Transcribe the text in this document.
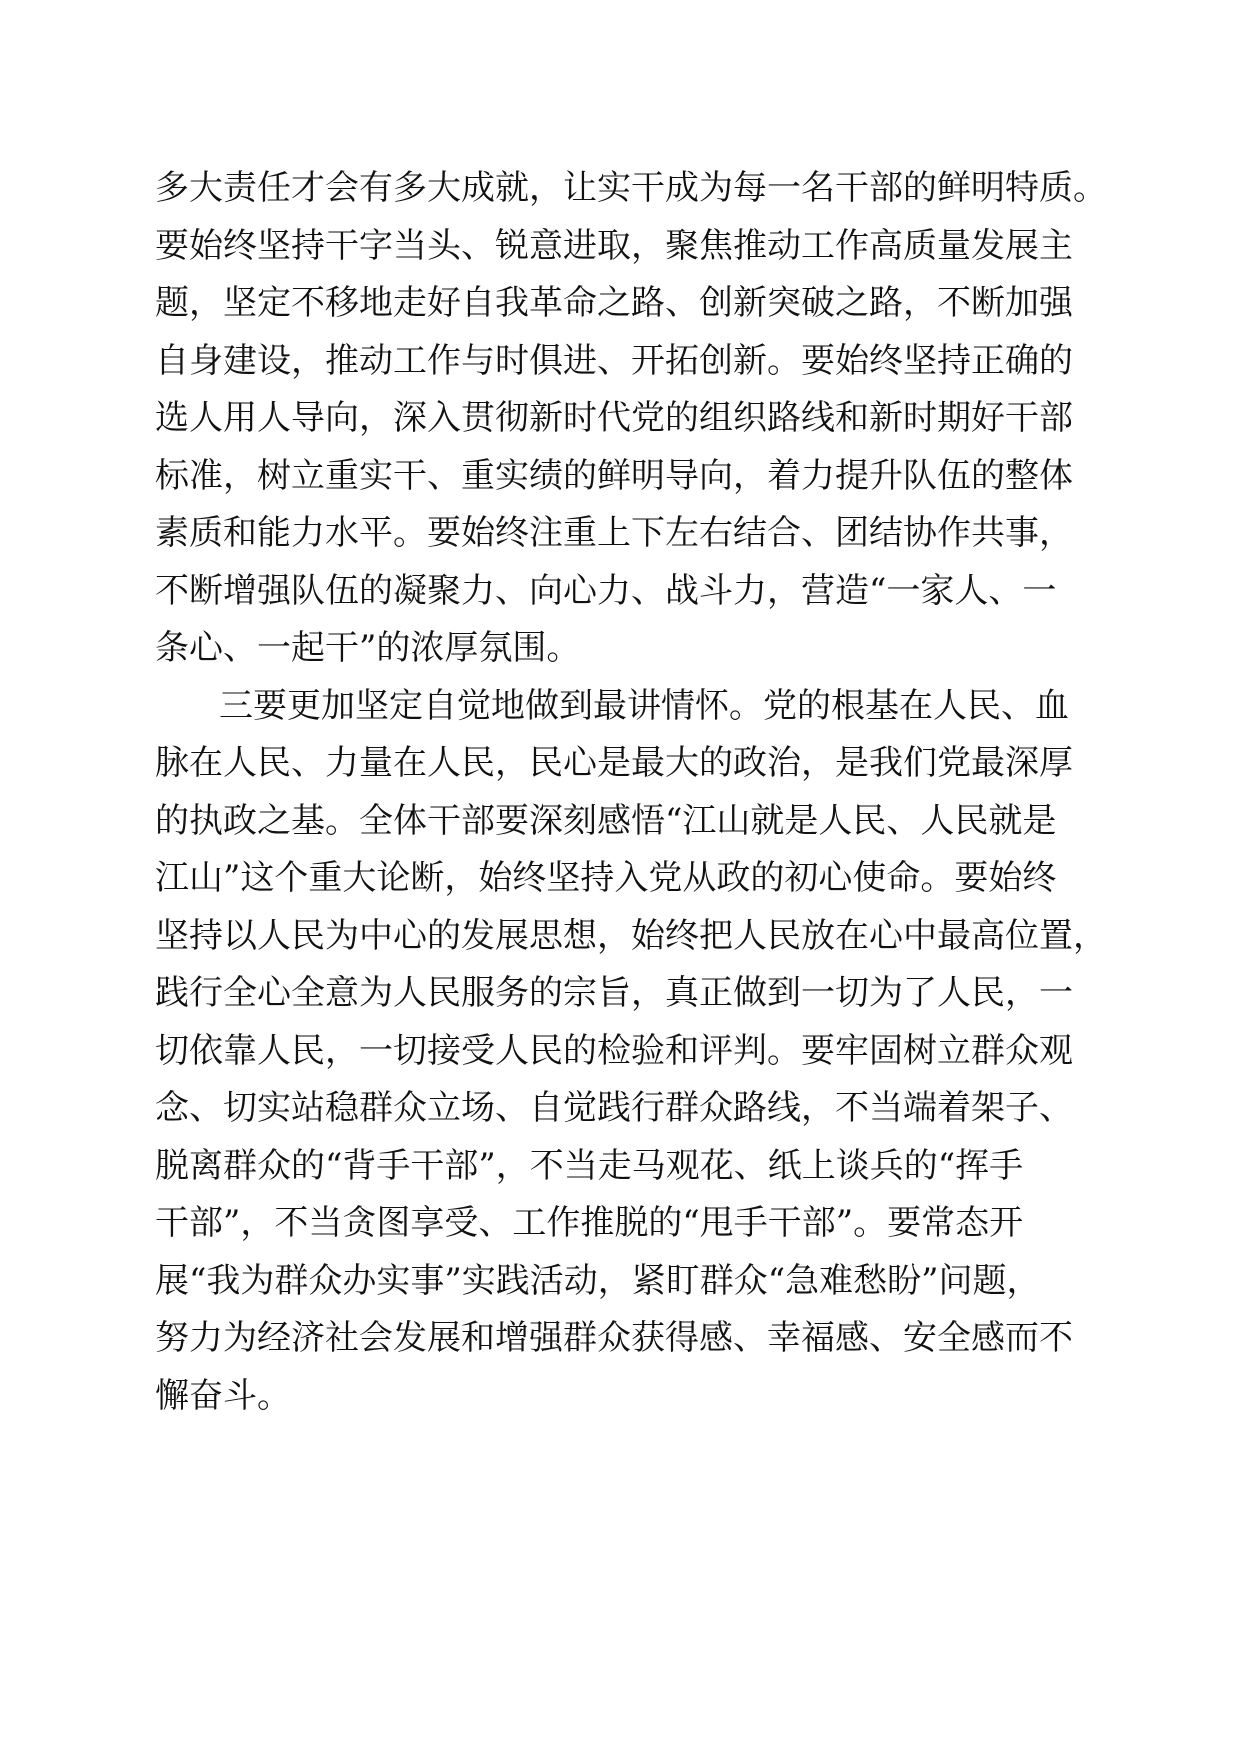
多大责任才会有多大成就，让实干成为每一名干部的鲜明特质。
要始终坚持干字当头、锐意进取，聚焦推动工作高质量发展主
题，坚定不移地走好自我革命之路、创新突破之路，不断加强
自身建设，推动工作与时俱进、开拓创新。要始终坚持正确的
选人用人导向，深入贯彻新时代党的组织路线和新时期好干部
标准，树立重实干、重实绩的鲜明导向，着力提升队伍的整体
素质和能力水平。要始终注重上下左右结合、团结协作共事，
不断增强队伍的凝聚力、向心力、战斗力，营造“一家人、一
条心、一起干”的浓厚氛围。
三要更加坚定自觉地做到最讲情怀。党的根基在人民、血
脉在人民、力量在人民，民心是最大的政治，是我们党最深厚
的执政之基。全体干部要深刻感悟“江山就是人民、人民就是
江山”这个重大论断，始终坚持入党从政的初心使命。要始终
坚持以人民为中心的发展思想，始终把人民放在心中最高位置，
践行全心全意为人民服务的宗旨，真正做到一切为了人民，一
切依靠人民，一切接受人民的检验和评判。要牢固树立群众观
念、切实站稳群众立场、自觉践行群众路线，不当端着架子、
脱离群众的“背手干部”，不当走马观花、纸上谈兵的“挥手
干部”，不当贪图享受、工作推脱的“甩手干部”。要常态开
展“我为群众办实事”实践活动，紧盯群众“急难愁盼”问题，
努力为经济社会发展和增强群众获得感、幸福感、安全感而不
懈奋斗。
